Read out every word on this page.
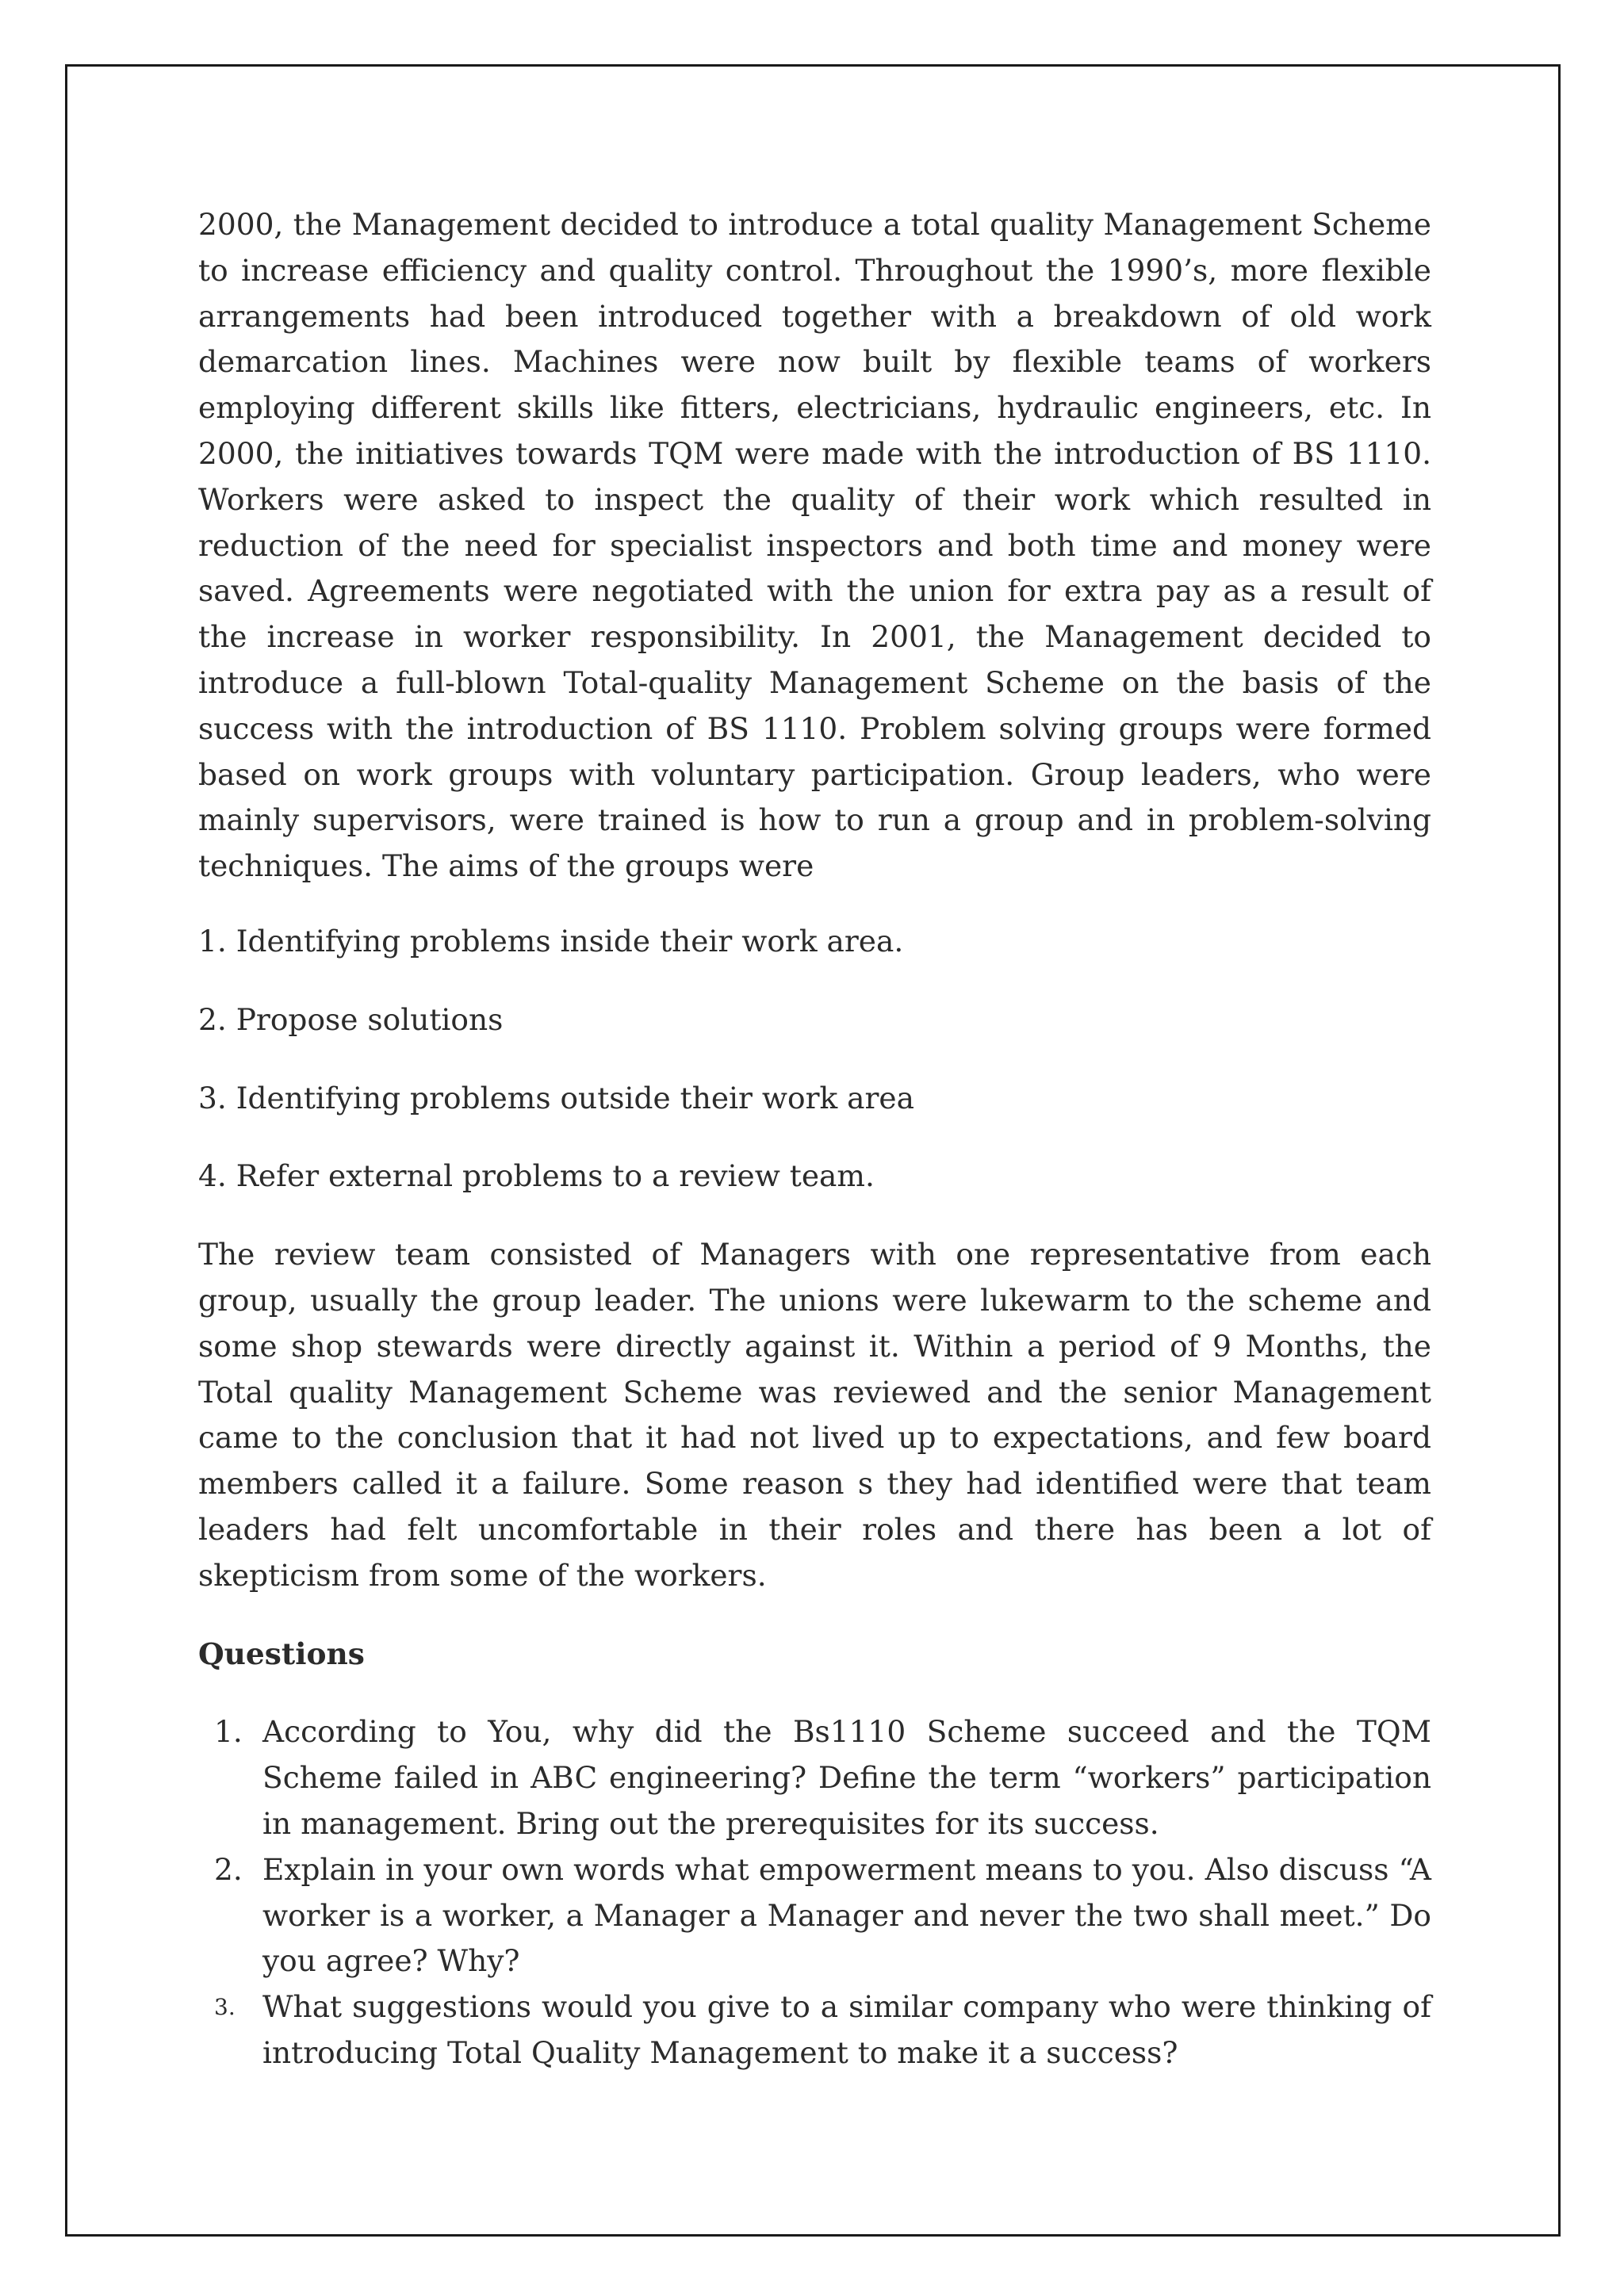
2000, the Management decided to introduce a total quality Management Scheme to increase efficiency and quality control. Throughout the 1990’s, more flexible arrangements had been introduced together with a breakdown of old work demarcation lines. Machines were now built by flexible teams of workers employing different skills like fitters, electricians, hydraulic engineers, etc. In 2000, the initiatives towards TQM were made with the introduction of BS 1110. Workers were asked to inspect the quality of their work which resulted in reduction of the need for specialist inspectors and both time and money were saved. Agreements were negotiated with the union for extra pay as a result of the increase in worker responsibility. In 2001, the Management decided to introduce a full-blown Total-quality Management Scheme on the basis of the success with the introduction of BS 1110. Problem solving groups were formed based on work groups with voluntary participation. Group leaders, who were mainly supervisors, were trained is how to run a group and in problem-solving techniques. The aims of the groups were

1. Identifying problems inside their work area.

2. Propose solutions

3. Identifying problems outside their work area

4. Refer external problems to a review team.

The review team consisted of Managers with one representative from each group, usually the group leader. The unions were lukewarm to the scheme and some shop stewards were directly against it. Within a period of 9 Months, the Total quality Management Scheme was reviewed and the senior Management came to the conclusion that it had not lived up to expectations, and few board members called it a failure. Some reason s they had identified were that team leaders had felt uncomfortable in their roles and there has been a lot of skepticism from some of the workers.

Questions

1. According to You, why did the Bs1110 Scheme succeed and the TQM Scheme failed in ABC engineering? Define the term “workers” participation in management. Bring out the prerequisites for its success.
2. Explain in your own words what empowerment means to you. Also discuss “A worker is a worker, a Manager a Manager and never the two shall meet.” Do you agree? Why?
3. What suggestions would you give to a similar company who were thinking of introducing Total Quality Management to make it a success?
